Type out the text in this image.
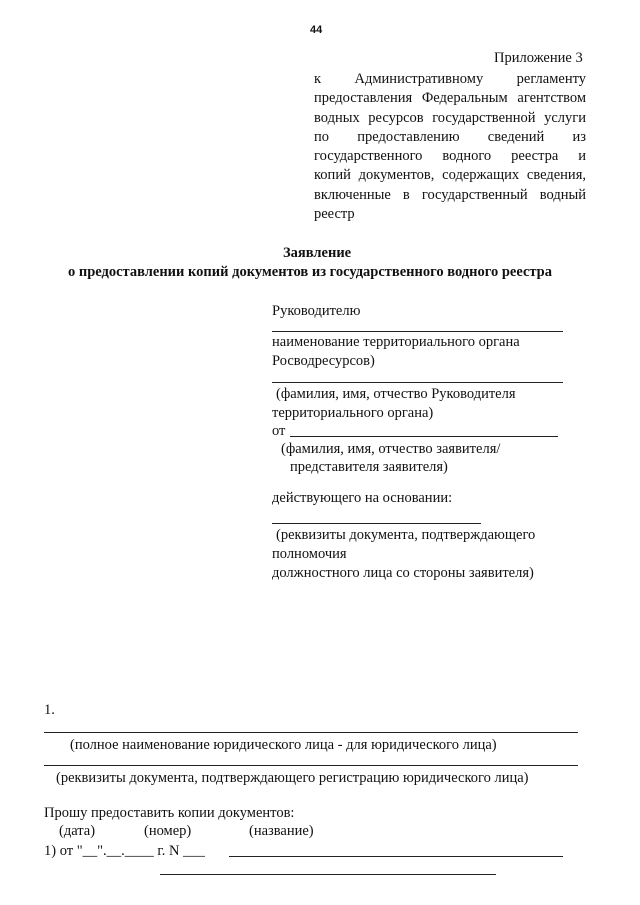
44
Приложение 3
к Административному регламенту
предоставления Федеральным агентством
водных ресурсов государственной услуги
по предоставлению сведений из
государственного водного реестра и
копий документов, содержащих сведения,
включенные в государственный водный
реестр
Заявление
о предоставлении копий документов из государственного водного реестра
Руководителю
наименование территориального органа
Росводресурсов)
(фамилия, имя, отчество Руководителя
территориального органа)
от
(фамилия, имя, отчество заявителя/
представителя заявителя)
действующего на основании:
(реквизиты документа, подтверждающего
полномочия
должностного лица со стороны заявителя)
1.
(полное наименование юридического лица - для юридического лица)
(реквизиты документа, подтверждающего регистрацию юридического лица)
Прошу предоставить копии документов:
(дата)	(номер)	(название)
1) от "__".__.____ г. N ___
